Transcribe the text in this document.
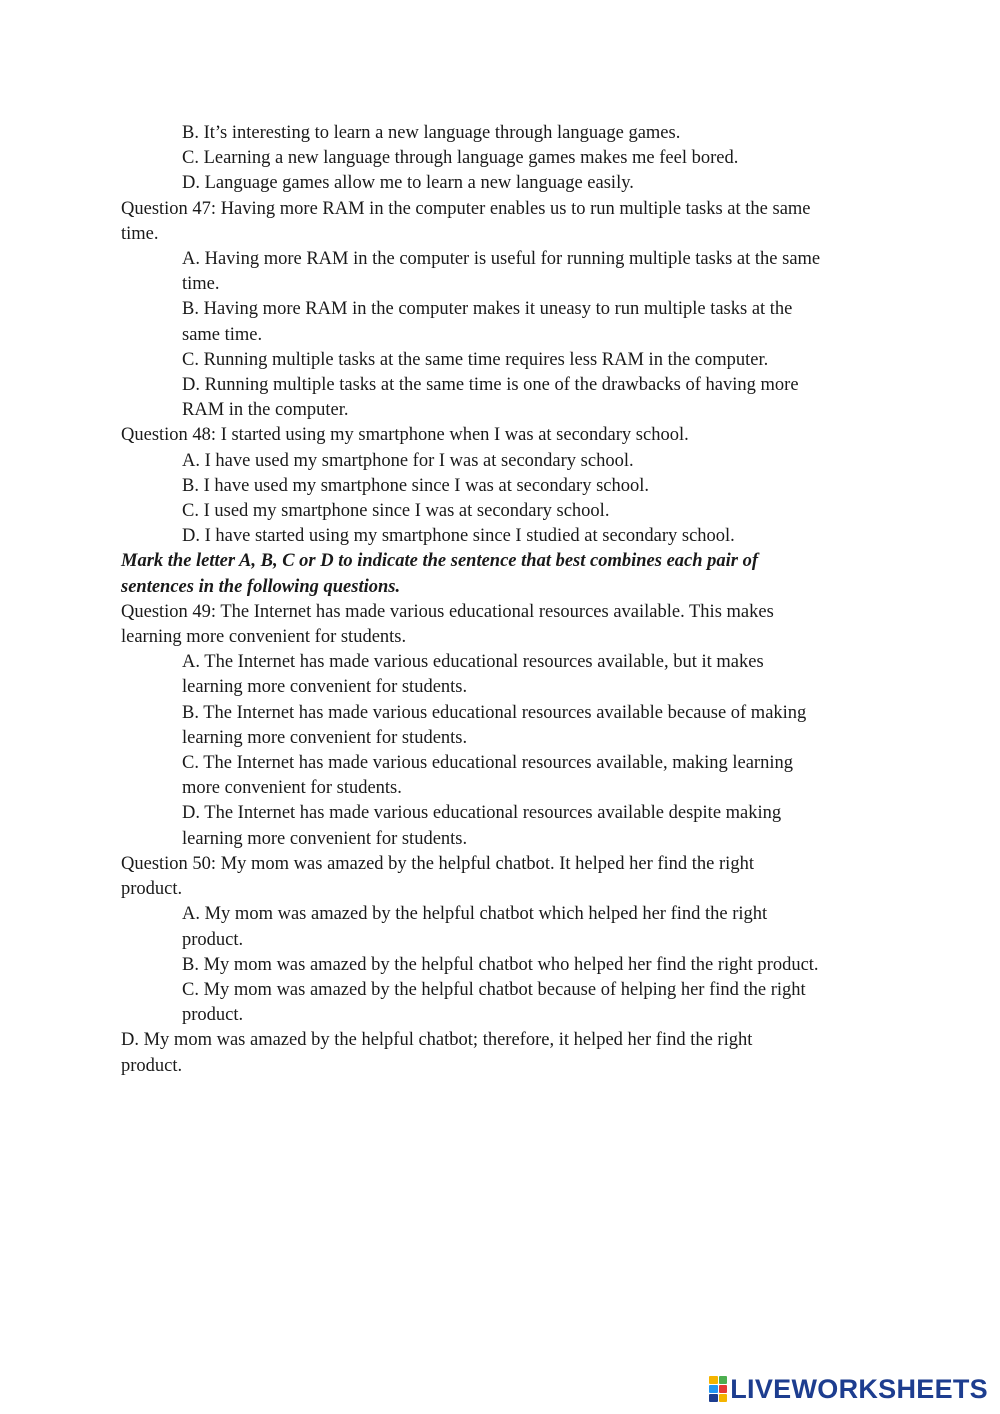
B. It’s interesting to learn a new language through language games.
C. Learning a new language through language games makes me feel bored.
D. Language games allow me to learn a new language easily.
Question 47: Having more RAM in the computer enables us to run multiple tasks at the same
time.
A. Having more RAM in the computer is useful for running multiple tasks at the same
time.
B. Having more RAM in the computer makes it uneasy to run multiple tasks at the
same time.
C. Running multiple tasks at the same time requires less RAM in the computer.
D. Running multiple tasks at the same time is one of the drawbacks of having more
RAM in the computer.
Question 48: I started using my smartphone when I was at secondary school.
A. I have used my smartphone for I was at secondary school.
B. I have used my smartphone since I was at secondary school.
C. I used my smartphone since I was at secondary school.
D. I have started using my smartphone since I studied at secondary school.
Mark the letter A, B, C or D to indicate the sentence that best combines each pair of
sentences in the following questions.
Question 49: The Internet has made various educational resources available. This makes
learning more convenient for students.
A. The Internet has made various educational resources available, but it makes
learning more convenient for students.
B. The Internet has made various educational resources available because of making
learning more convenient for students.
C. The Internet has made various educational resources available, making learning
more convenient for students.
D. The Internet has made various educational resources available despite making
learning more convenient for students.
Question 50: My mom was amazed by the helpful chatbot. It helped her find the right
product.
A. My mom was amazed by the helpful chatbot which helped her find the right
product.
B. My mom was amazed by the helpful chatbot who helped her find the right product.
C. My mom was amazed by the helpful chatbot because of helping her find the right
product.
D. My mom was amazed by the helpful chatbot; therefore, it helped her find the right
product.
LIVEWORKSHEETS
